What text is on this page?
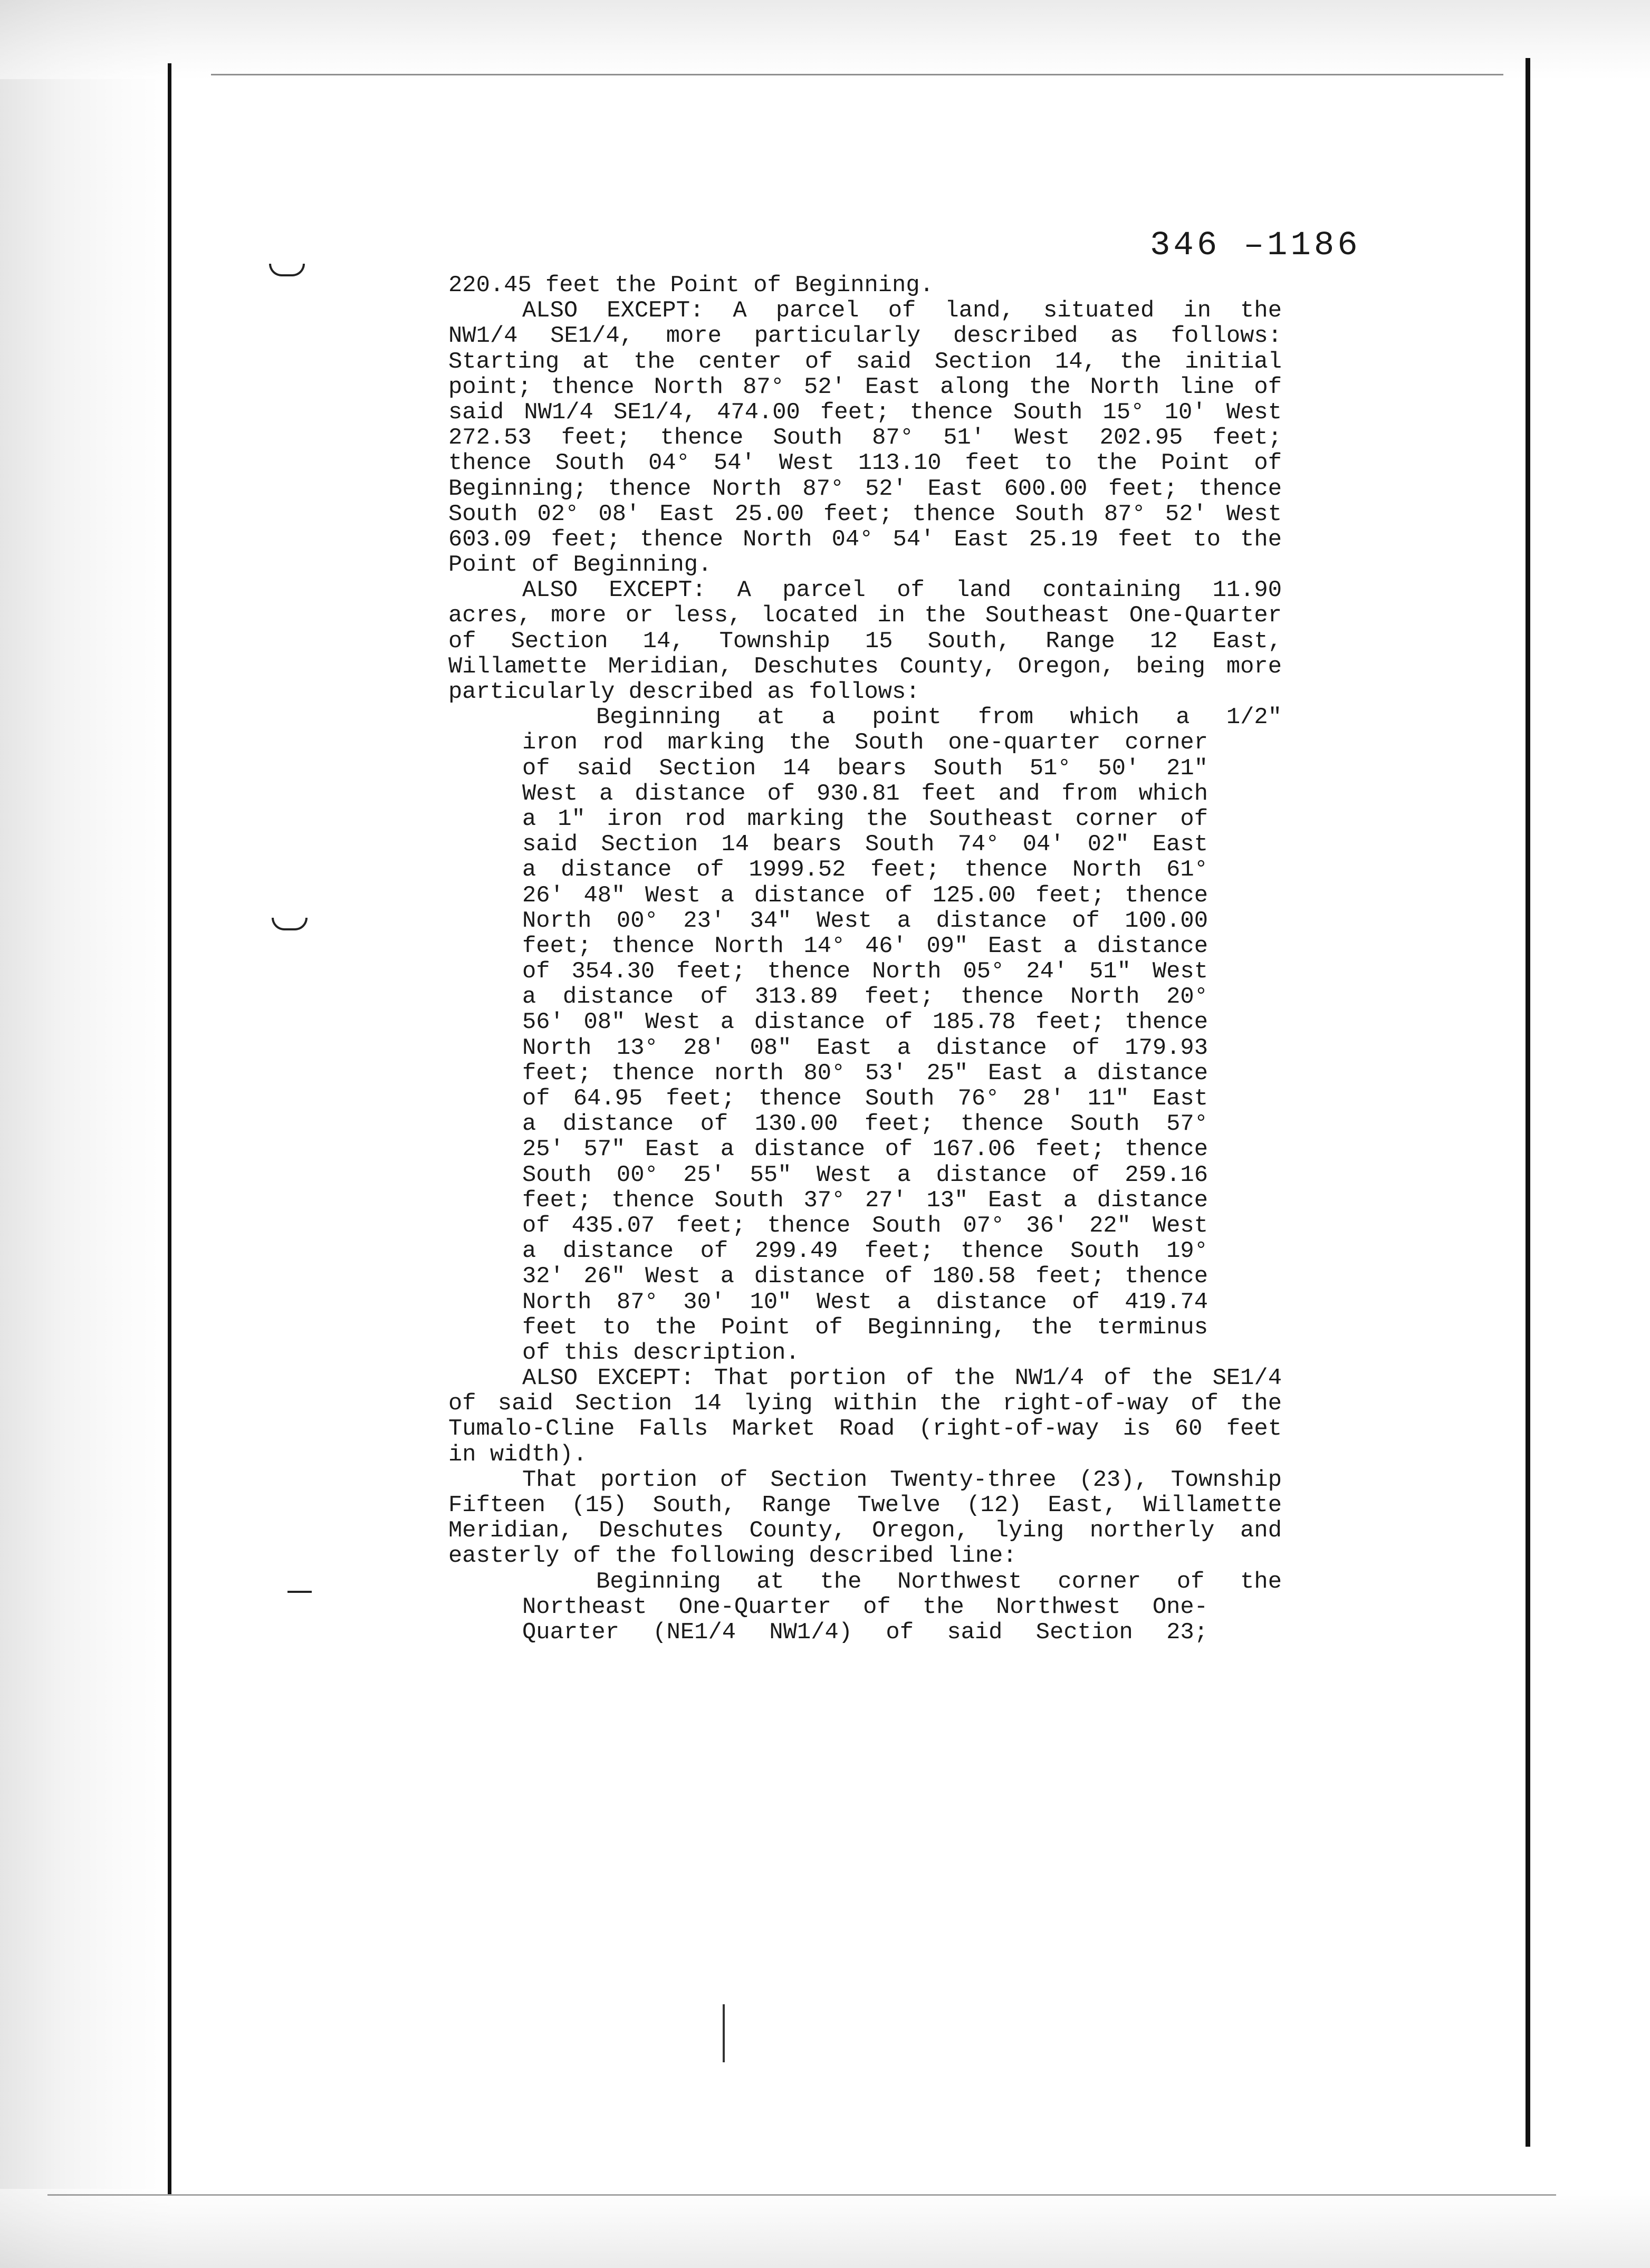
346 –1186
220.45 feet the Point of Beginning.
ALSO EXCEPT: A parcel of land, situated in the
NW1/4 SE1/4, more particularly described as follows:
Starting at the center of said Section 14, the initial
point; thence North 87° 52' East along the North line of
said NW1/4 SE1/4, 474.00 feet; thence South 15° 10' West
272.53 feet; thence South 87° 51' West 202.95 feet;
thence South 04° 54' West 113.10 feet to the Point of
Beginning; thence North 87° 52' East 600.00 feet; thence
South 02° 08' East 25.00 feet; thence South 87° 52' West
603.09 feet; thence North 04° 54' East 25.19 feet to the
Point of Beginning.
ALSO EXCEPT: A parcel of land containing 11.90
acres, more or less, located in the Southeast One-Quarter
of Section 14, Township 15 South, Range 12 East,
Willamette Meridian, Deschutes County, Oregon, being more
particularly described as follows:
Beginning at a point from which a 1/2"
iron rod marking the South one-quarter corner
of said Section 14 bears South 51° 50' 21"
West a distance of 930.81 feet and from which
a 1" iron rod marking the Southeast corner of
said Section 14 bears South 74° 04' 02" East
a distance of 1999.52 feet; thence North 61°
26' 48" West a distance of 125.00 feet; thence
North 00° 23' 34" West a distance of 100.00
feet; thence North 14° 46' 09" East a distance
of 354.30 feet; thence North 05° 24' 51" West
a distance of 313.89 feet; thence North 20°
56' 08" West a distance of 185.78 feet; thence
North 13° 28' 08" East a distance of 179.93
feet; thence north 80° 53' 25" East a distance
of 64.95 feet; thence South 76° 28' 11" East
a distance of 130.00 feet; thence South 57°
25' 57" East a distance of 167.06 feet; thence
South 00° 25' 55" West a distance of 259.16
feet; thence South 37° 27' 13" East a distance
of 435.07 feet; thence South 07° 36' 22" West
a distance of 299.49 feet; thence South 19°
32' 26" West a distance of 180.58 feet; thence
North 87° 30' 10" West a distance of 419.74
feet to the Point of Beginning, the terminus
of this description.
ALSO EXCEPT: That portion of the NW1/4 of the SE1/4
of said Section 14 lying within the right-of-way of the
Tumalo-Cline Falls Market Road (right-of-way is 60 feet
in width).
That portion of Section Twenty-three (23), Township
Fifteen (15) South, Range Twelve (12) East, Willamette
Meridian, Deschutes County, Oregon, lying northerly and
easterly of the following described line:
Beginning at the Northwest corner of the
Northeast One-Quarter of the Northwest One-
Quarter (NE1/4 NW1/4) of said Section 23;
